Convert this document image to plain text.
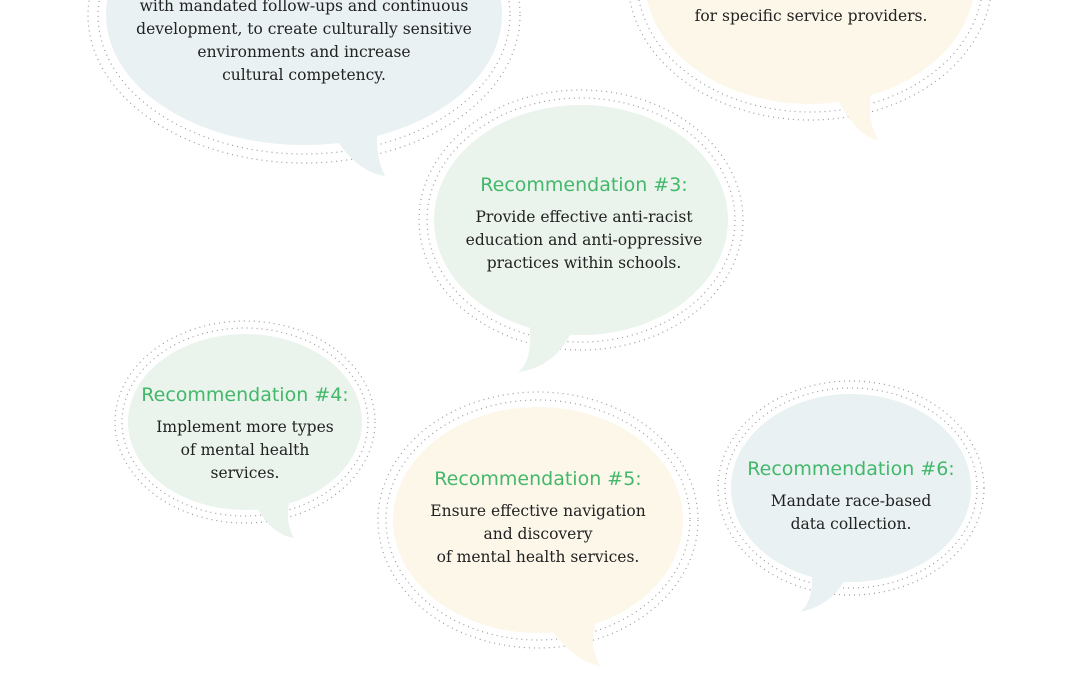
with mandated follow-ups and continuous
development, to create culturally sensitive
environments and increase
cultural competency.
for specific service providers.
Recommendation #3:
Provide effective anti-racist
education and anti-oppressive
practices within schools.
Recommendation #4:
Implement more types
of mental health
services.	Recommendation #5:
Ensure effective navigation
and discovery
of mental health services.
Recommendation #6:
Mandate race-based
data collection.
